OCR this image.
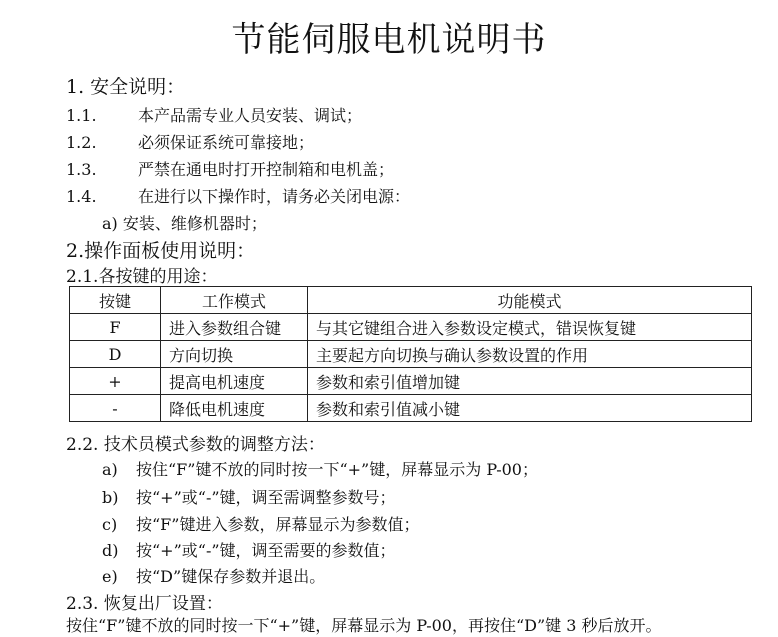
节能伺服电机说明书
1. 安全说明：
1.1.	本产品需专业人员安装、调试；
1.2.	必须保证系统可靠接地；
1.3.	严禁在通电时打开控制箱和电机盖；
1.4.	在进行以下操作时，请务必关闭电源：
a) 安装、维修机器时；
2.操作面板使用说明：
2.1.各按键的用途：
按键	工作模式	功能模式
F	进入参数组合键	与其它键组合进入参数设定模式，错误恢复键
D	方向切换	主要起方向切换与确认参数设置的作用
+	提高电机速度	参数和索引值增加键
-	降低电机速度	参数和索引值减小键
2.2. 技术员模式参数的调整方法：
a) 按住“F”键不放的同时按一下“+”键，屏幕显示为 P-00；
b) 按“+”或“-”键，调至需调整参数号；
c) 按“F”键进入参数，屏幕显示为参数值；
d) 按“+”或“-”键，调至需要的参数值；
e) 按“D”键保存参数并退出。
2.3. 恢复出厂设置：
按住“F”键不放的同时按一下“+”键，屏幕显示为 P-00，再按住“D”键 3 秒后放开。
